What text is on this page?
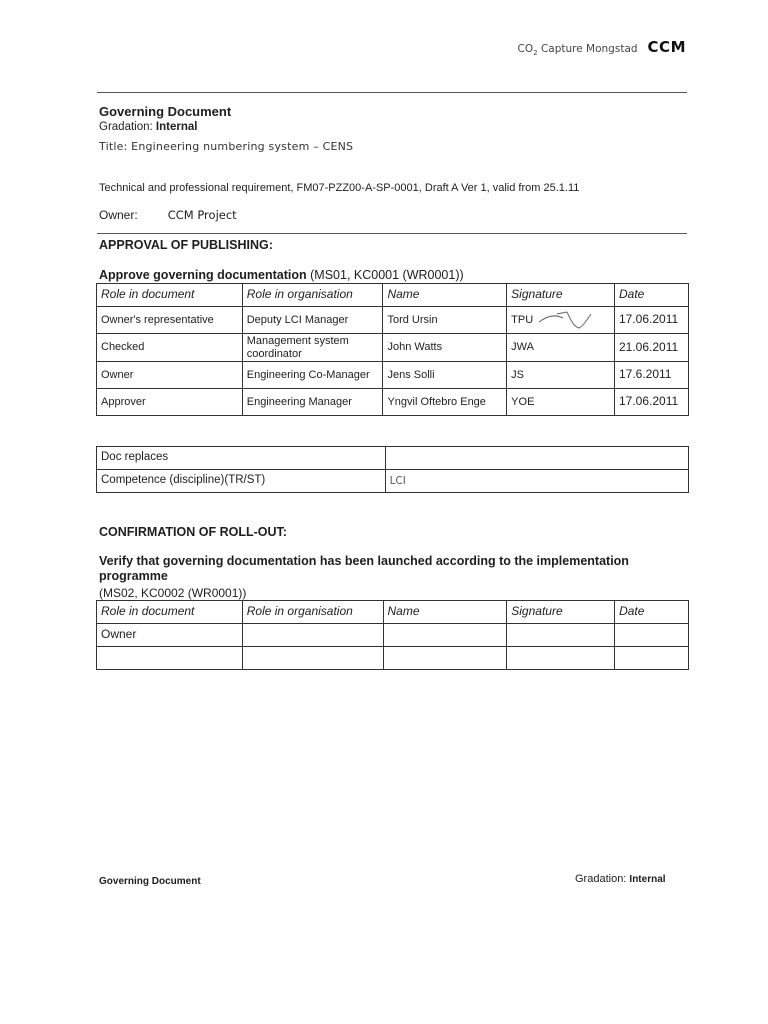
$CO_2$ Capture Mongstad CCM
Governing Document
Gradation: Internal
Title: Engineering numbering system – CENS
Technical and professional requirement, FM07-PZZ00-A-SP-0001, Draft A Ver 1, valid from 25.1.11
Owner:	CCM Project
APPROVAL OF PUBLISHING:
Approve governing documentation (MS01, KC0001 (WR0001))
Role in document	Role in organisation	Name	Signature	Date
Owner's representative	Deputy LCI Manager	Tord Ursin	TPU	17.06.2011
Checked	Management system coordinator	John Watts	JWA	21.06.2011
Owner	Engineering Co-Manager	Jens Solli	JS	17.6.2011
Approver	Engineering Manager	Yngvil Oftebro Enge	YOE	17.06.2011
Doc replaces	
Competence (discipline)(TR/ST)	LCI
CONFIRMATION OF ROLL-OUT:
Verify that governing documentation has been launched according to the implementation programme
(MS02, KC0002 (WR0001))
Role in document	Role in organisation	Name	Signature	Date
Owner				

Governing Document	Gradation: Internal
